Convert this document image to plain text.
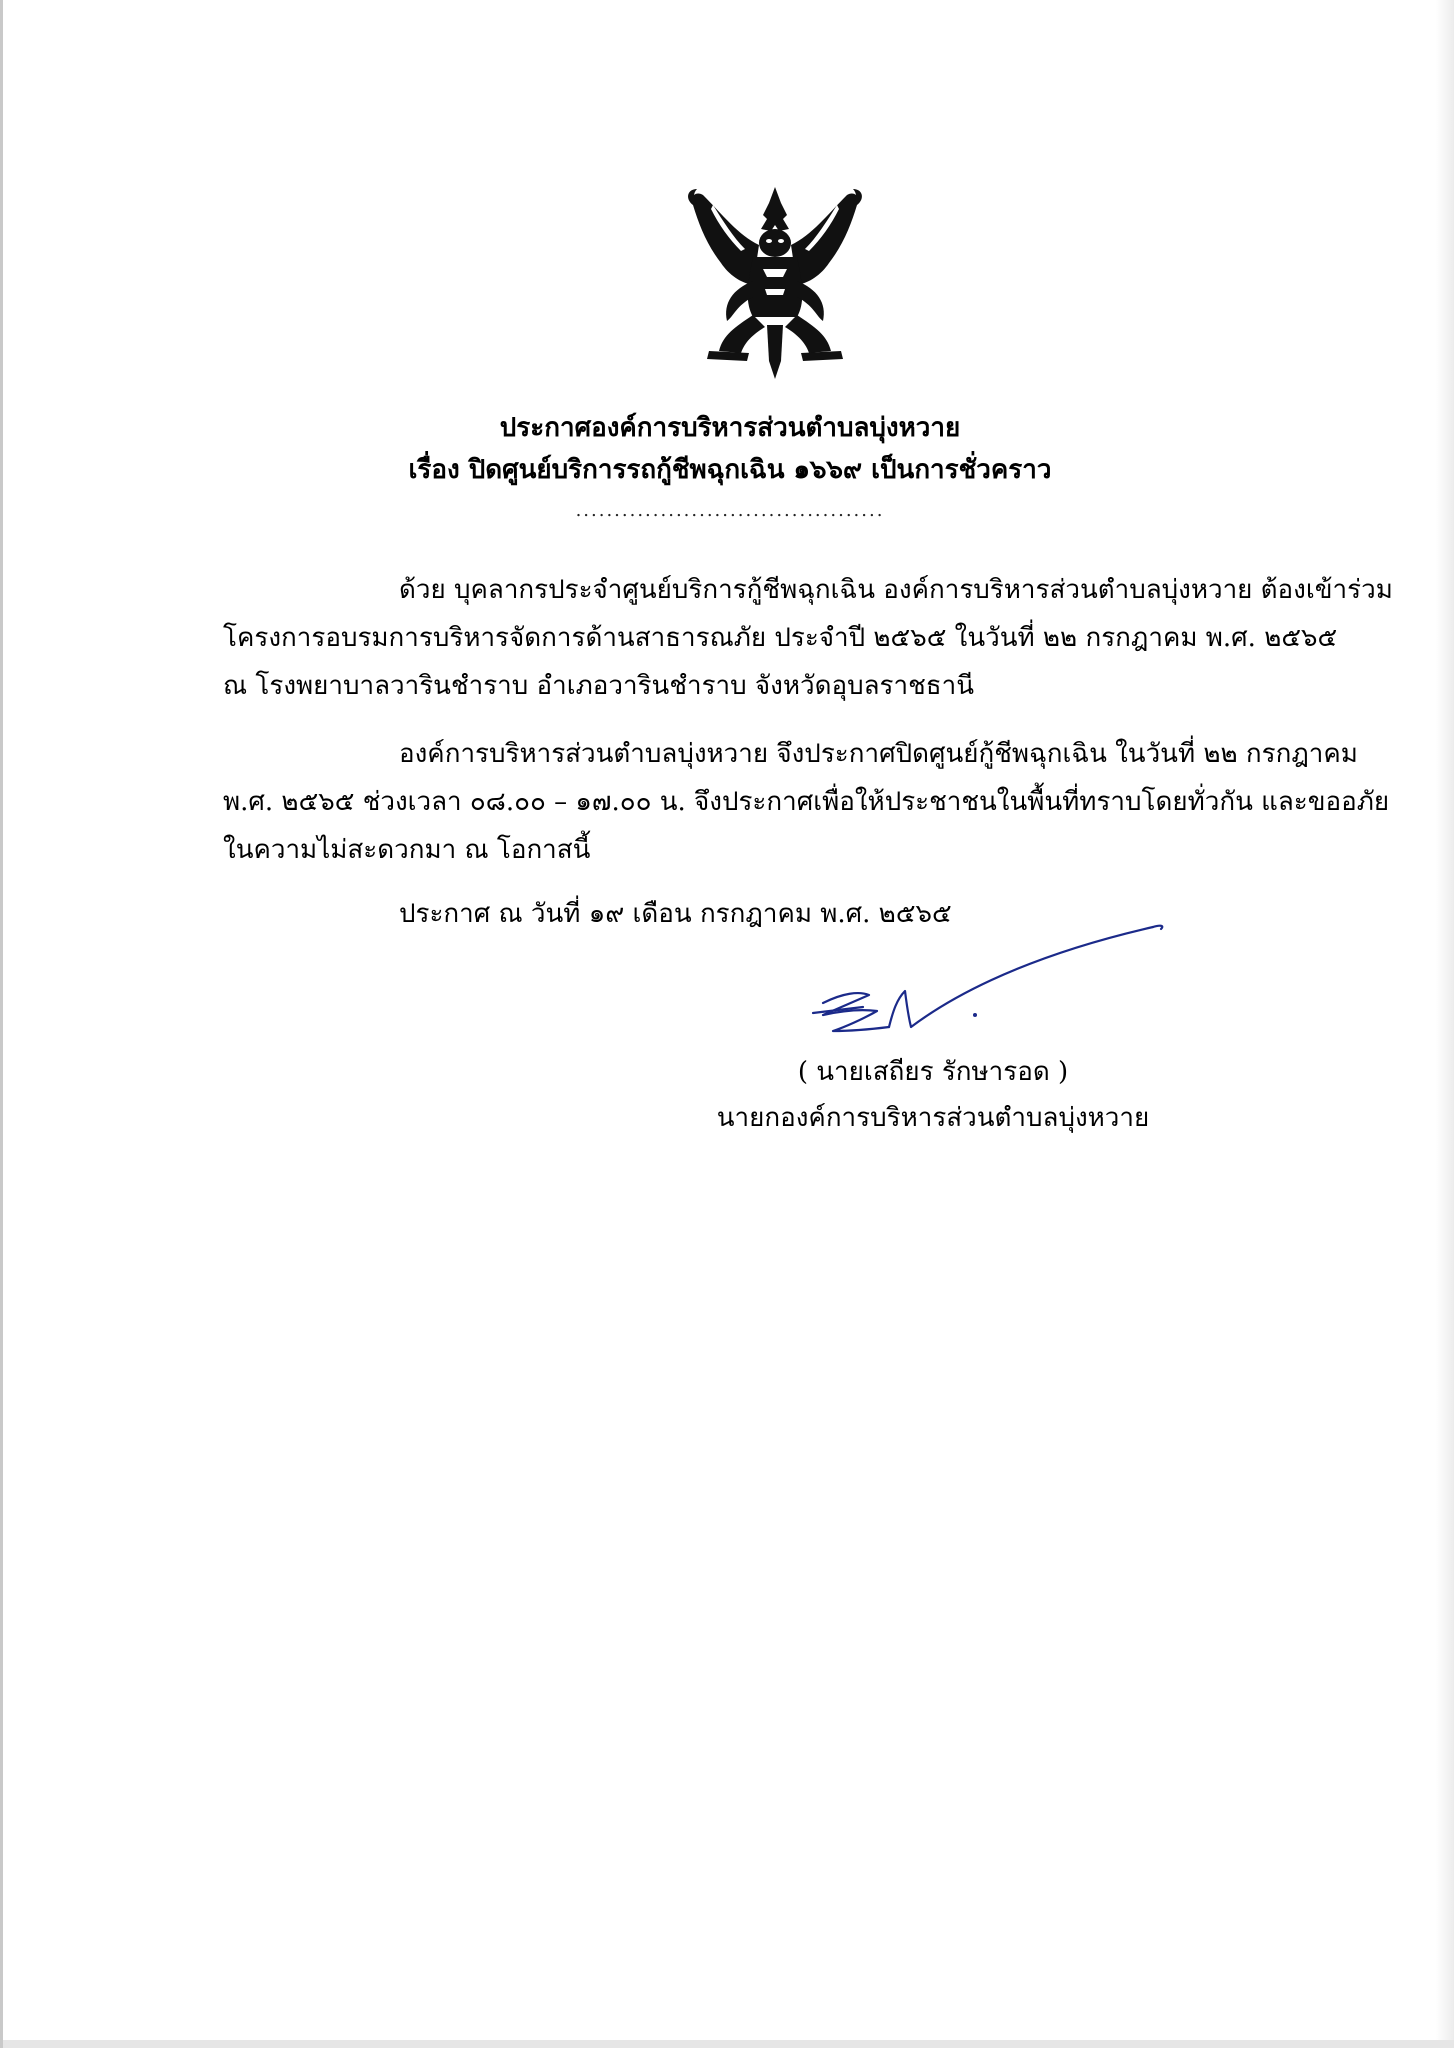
ประกาศองค์การบริหารส่วนตำบลบุ่งหวาย
เรื่อง ปิดศูนย์บริการรถกู้ชีพฉุกเฉิน ๑๖๖๙ เป็นการชั่วคราว
........................................
ด้วย บุคลากรประจำศูนย์บริการกู้ชีพฉุกเฉิน องค์การบริหารส่วนตำบลบุ่งหวาย ต้องเข้าร่วม
โครงการอบรมการบริหารจัดการด้านสาธารณภัย ประจำปี ๒๕๖๕ ในวันที่ ๒๒ กรกฎาคม พ.ศ. ๒๕๖๕
ณ โรงพยาบาลวารินชำราบ อำเภอวารินชำราบ จังหวัดอุบลราชธานี
องค์การบริหารส่วนตำบลบุ่งหวาย จึงประกาศปิดศูนย์กู้ชีพฉุกเฉิน ในวันที่ ๒๒ กรกฎาคม
พ.ศ. ๒๕๖๕ ช่วงเวลา ๐๘.๐๐ – ๑๗.๐๐ น. จึงประกาศเพื่อให้ประชาชนในพื้นที่ทราบโดยทั่วกัน และขออภัย
ในความไม่สะดวกมา ณ โอกาสนี้
ประกาศ ณ วันที่ ๑๙ เดือน กรกฎาคม พ.ศ. ๒๕๖๕
( นายเสถียร รักษารอด )
นายกองค์การบริหารส่วนตำบลบุ่งหวาย
